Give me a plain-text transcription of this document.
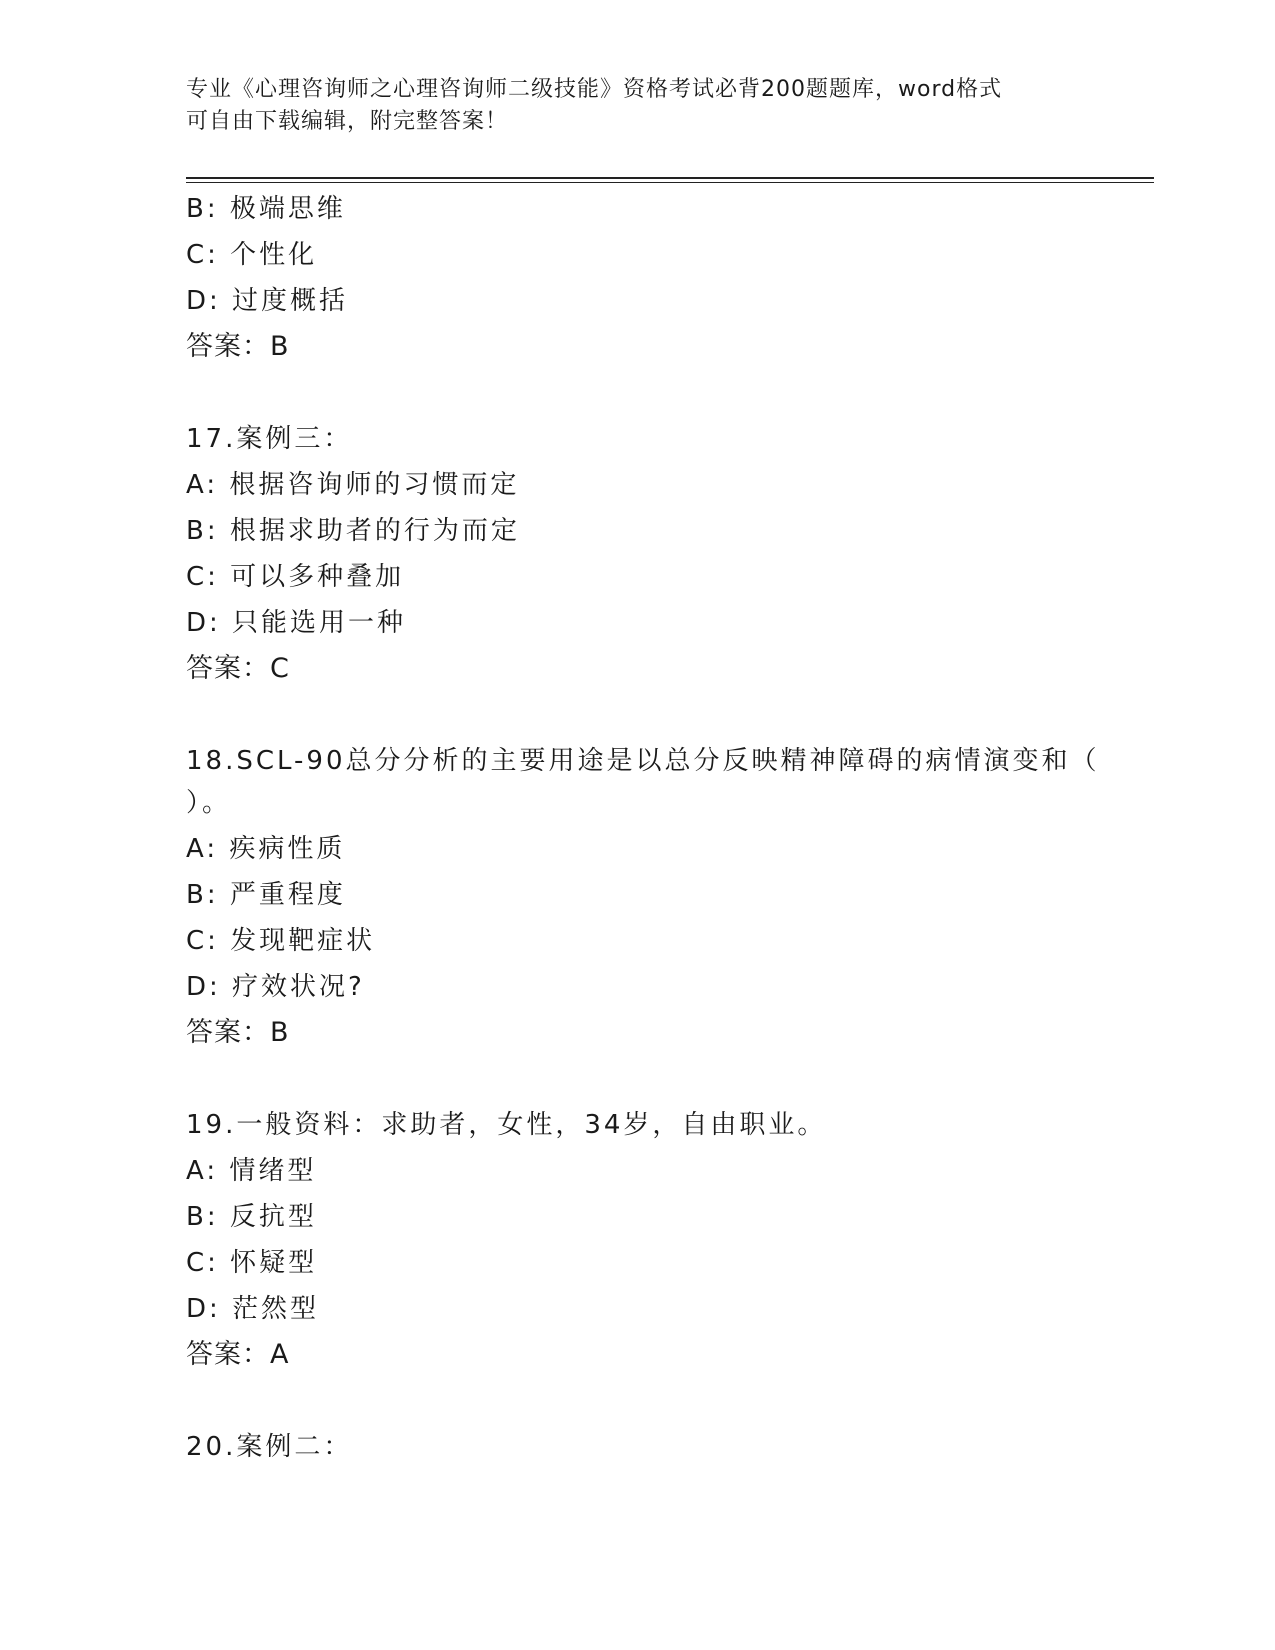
专业《心理咨询师之心理咨询师二级技能》资格考试必背200题题库，word格式
可自由下载编辑，附完整答案！
B: 极端思维
C: 个性化
D: 过度概括
答案：B
17.案例三：
A: 根据咨询师的习惯而定
B: 根据求助者的行为而定
C: 可以多种叠加
D: 只能选用一种
答案：C
18.SCL-90总分分析的主要用途是以总分反映精神障碍的病情演变和（
）。
A: 疾病性质
B: 严重程度
C: 发现靶症状
D: 疗效状况?
答案：B
19.一般资料：求助者，女性，34岁，自由职业。
A: 情绪型
B: 反抗型
C: 怀疑型
D: 茫然型
答案：A
20.案例二：
